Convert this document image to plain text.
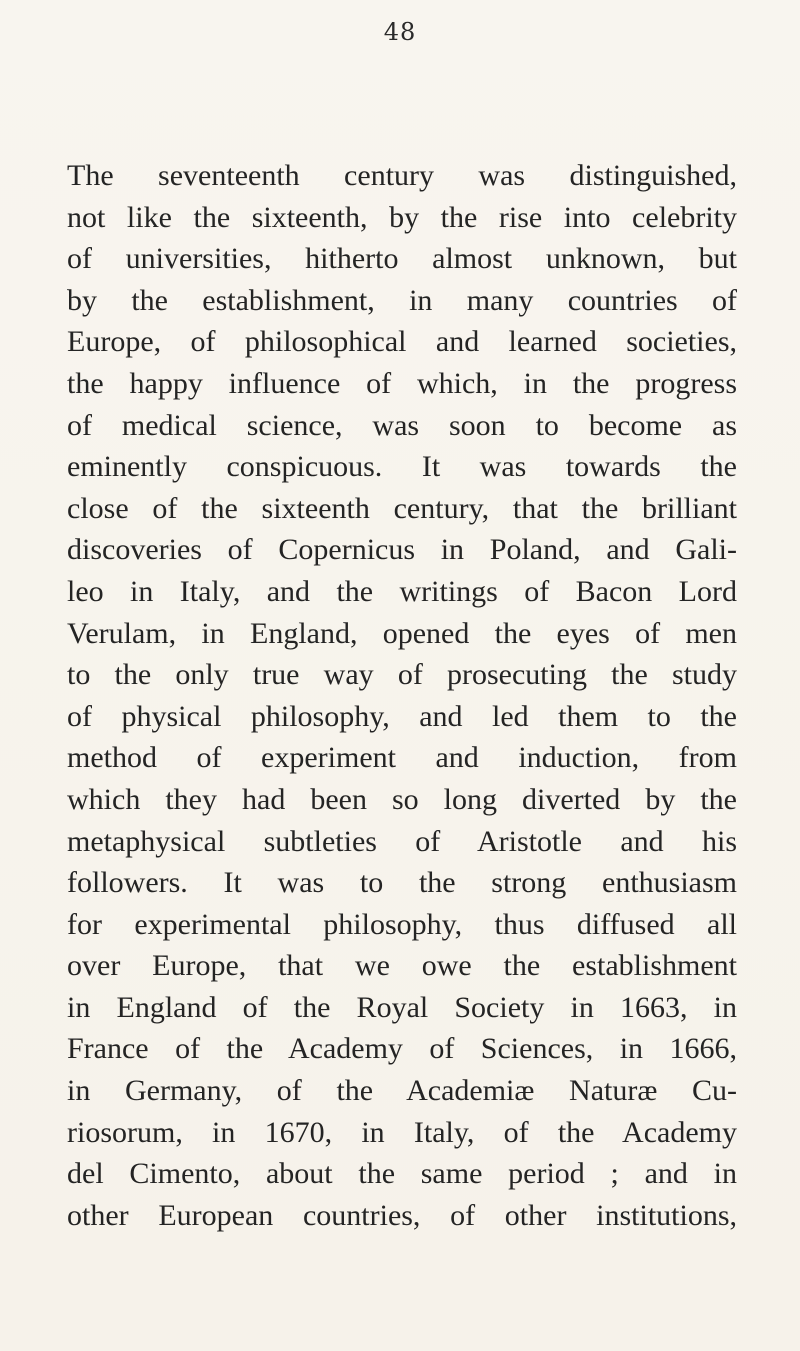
48
The seventeenth century was distinguished,
not like the sixteenth, by the rise into celebrity
of universities, hitherto almost unknown, but
by the establishment, in many countries of
Europe, of philosophical and learned societies,
the happy influence of which, in the progress
of medical science, was soon to become as
eminently conspicuous. It was towards the
close of the sixteenth century, that the brilliant
discoveries of Copernicus in Poland, and Gali-
leo in Italy, and the writings of Bacon Lord
Verulam, in England, opened the eyes of men
to the only true way of prosecuting the study
of physical philosophy, and led them to the
method of experiment and induction, from
which they had been so long diverted by the
metaphysical subtleties of Aristotle and his
followers. It was to the strong enthusiasm
for experimental philosophy, thus diffused all
over Europe, that we owe the establishment
in England of the Royal Society in 1663, in
France of the Academy of Sciences, in 1666,
in Germany, of the Academiæ Naturæ Cu-
riosorum, in 1670, in Italy, of the Academy
del Cimento, about the same period ; and in
other European countries, of other institutions,
